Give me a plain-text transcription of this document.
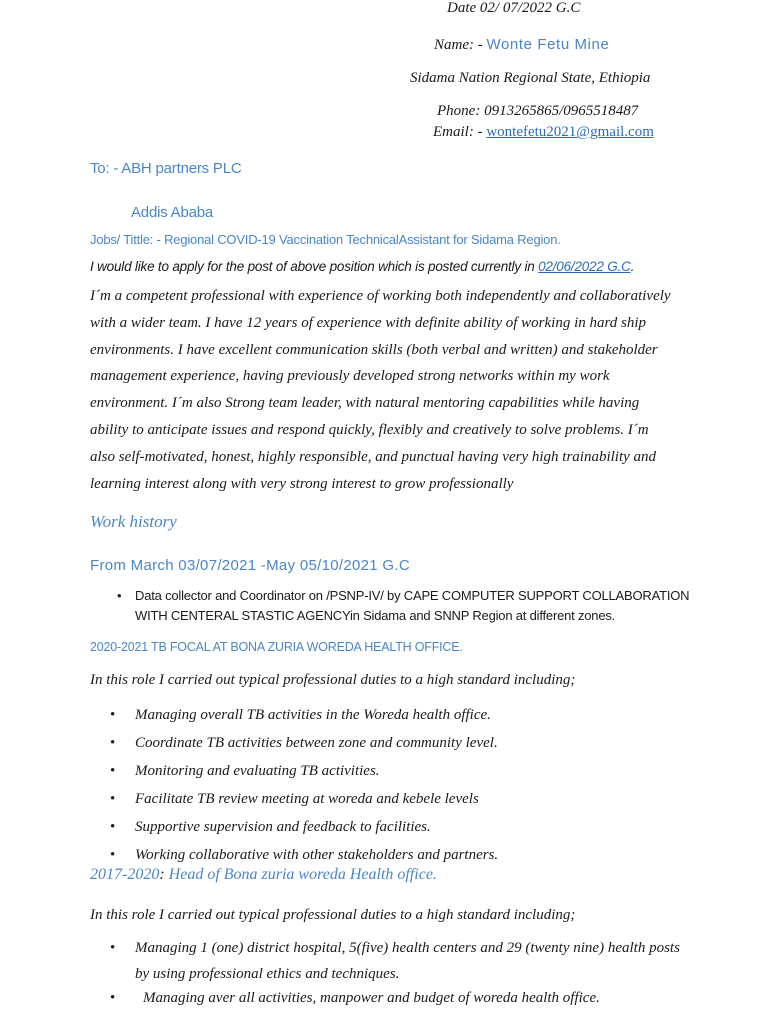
Date 02/ 07/2022 G.C
Name: - Wonte Fetu Mine
Sidama Nation Regional State, Ethiopia
Phone: 0913265865/0965518487
Email: - wontefetu2021@gmail.com
To: - ABH partners PLC
Addis Ababa
Jobs/ Tittle: - Regional COVID-19 Vaccination TechnicalAssistant for Sidama Region.
I would like to apply for the post of above position which is posted currently in 02/06/2022 G.C.
I´m a competent professional with experience of working both independently and collaboratively
with a wider team. I have 12 years of experience with definite ability of working in hard ship
environments. I have excellent communication skills (both verbal and written) and stakeholder
management experience, having previously developed strong networks within my work
environment. I´m also Strong team leader, with natural mentoring capabilities while having
ability to anticipate issues and respond quickly, flexibly and creatively to solve problems. I´m
also self-motivated, honest, highly responsible, and punctual having very high trainability and
learning interest along with very strong interest to grow professionally
Work history
From March 03/07/2021 -May 05/10/2021 G.C
• Data collector and Coordinator on /PSNP-IV/ by CAPE COMPUTER SUPPORT COLLABORATION
WITH CENTERAL STASTIC AGENCYin Sidama and SNNP Region at different zones.
2020-2021 TB FOCAL AT BONA ZURIA WOREDA HEALTH OFFICE.
In this role I carried out typical professional duties to a high standard including;
• Managing overall TB activities in the Woreda health office.
• Coordinate TB activities between zone and community level.
• Monitoring and evaluating TB activities.
• Facilitate TB review meeting at woreda and kebele levels
• Supportive supervision and feedback to facilities.
• Working collaborative with other stakeholders and partners.
2017-2020: Head of Bona zuria woreda Health office.
In this role I carried out typical professional duties to a high standard including;
• Managing 1 (one) district hospital, 5(five) health centers and 29 (twenty nine) health posts
by using professional ethics and techniques.
• Managing aver all activities, manpower and budget of woreda health office.
